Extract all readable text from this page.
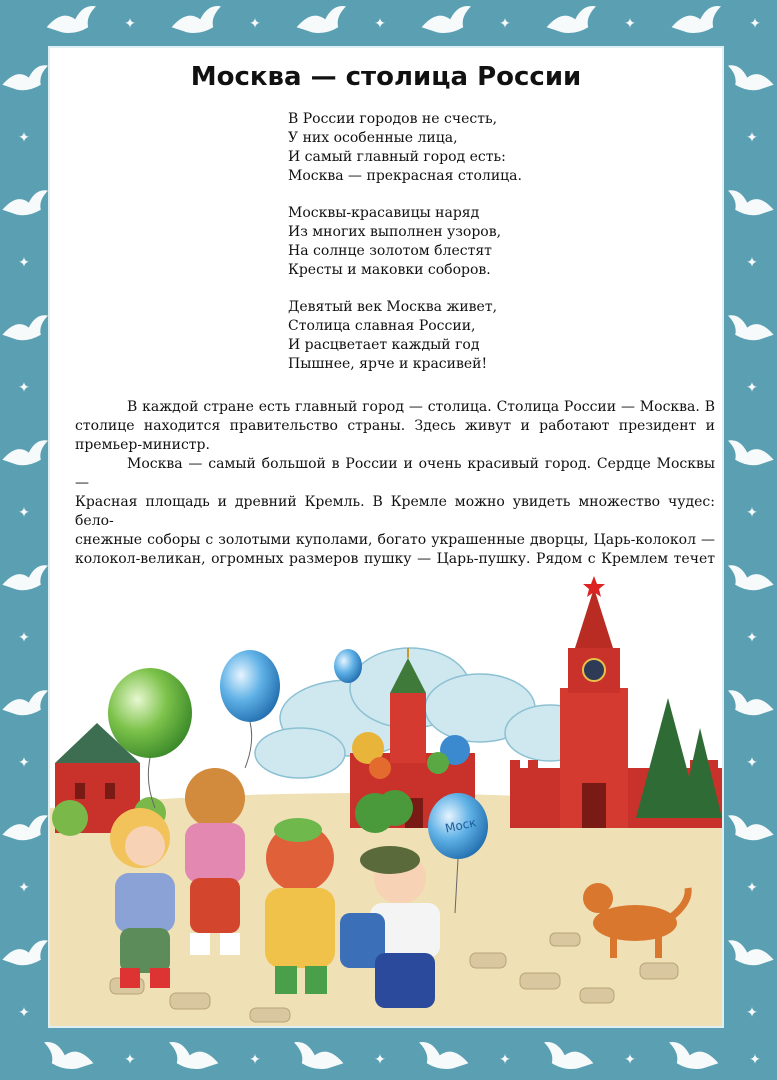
✦
✦
✦
✦
✦
✦
✦
✦
✦
✦
✦
✦
✦	✦
✦	✦
✦	✦
✦	✦
✦	✦
✦	✦
✦	✦
✦	✦
Москва — столица России
В России городов не счесть,
У них особенные лица,
И самый главный город есть:
Москва — прекрасная столица.
Москвы-красавицы наряд
Из многих выполнен узоров,
На солнце золотом блестят
Кресты и маковки соборов.
Девятый век Москва живет,
Столица славная России,
И расцветает каждый год
Пышнее, ярче и красивей!

В каждой стране есть главный город — столица. Столица России — Москва. В столице находится правительство страны. Здесь живут и работают президент и премьер-министр.

Москва — самый большой в России и очень красивый город. Сердце Москвы —
Красная площадь и древний Кремль. В Кремле можно увидеть множество чудес: бело-
снежные соборы с золотыми куполами, богато украшенные дворцы, Царь-колокол —
колокол-великан, огромных размеров пушку — Царь-пушку. Рядом с Кремлем течет

Моск
